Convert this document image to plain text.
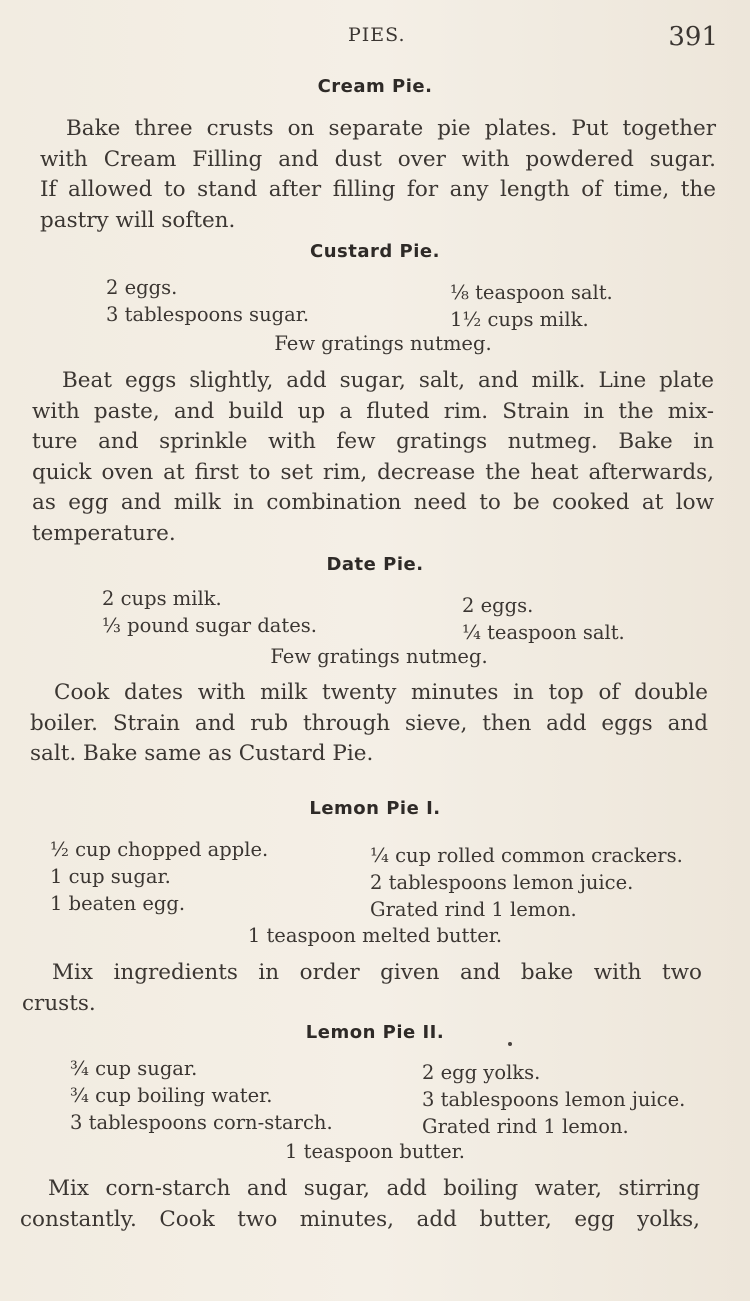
PIES.	391
Cream Pie.
Bake three crusts on separate pie plates. Put together
with Cream Filling and dust over with powdered sugar.
If allowed to stand after filling for any length of time, the
pastry will soften.
Custard Pie.
2 eggs.
3 tablespoons sugar.
⅛ teaspoon salt.
1½ cups milk.
Few gratings nutmeg.
Beat eggs slightly, add sugar, salt, and milk. Line plate
with paste, and build up a fluted rim. Strain in the mix-
ture and sprinkle with few gratings nutmeg. Bake in
quick oven at first to set rim, decrease the heat afterwards,
as egg and milk in combination need to be cooked at low
temperature.
Date Pie.
2 cups milk.
⅓ pound sugar dates.
2 eggs.
¼ teaspoon salt.
Few gratings nutmeg.
Cook dates with milk twenty minutes in top of double
boiler. Strain and rub through sieve, then add eggs and
salt. Bake same as Custard Pie.
Lemon Pie I.
½ cup chopped apple.
1 cup sugar.
1 beaten egg.
¼ cup rolled common crackers.
2 tablespoons lemon juice.
Grated rind 1 lemon.
1 teaspoon melted butter.
Mix ingredients in order given and bake with two
crusts.
Lemon Pie II.
¾ cup sugar.
¾ cup boiling water.
3 tablespoons corn-starch.
2 egg yolks.
3 tablespoons lemon juice.
Grated rind 1 lemon.
1 teaspoon butter.
Mix corn-starch and sugar, add boiling water, stirring
constantly. Cook two minutes, add butter, egg yolks,
